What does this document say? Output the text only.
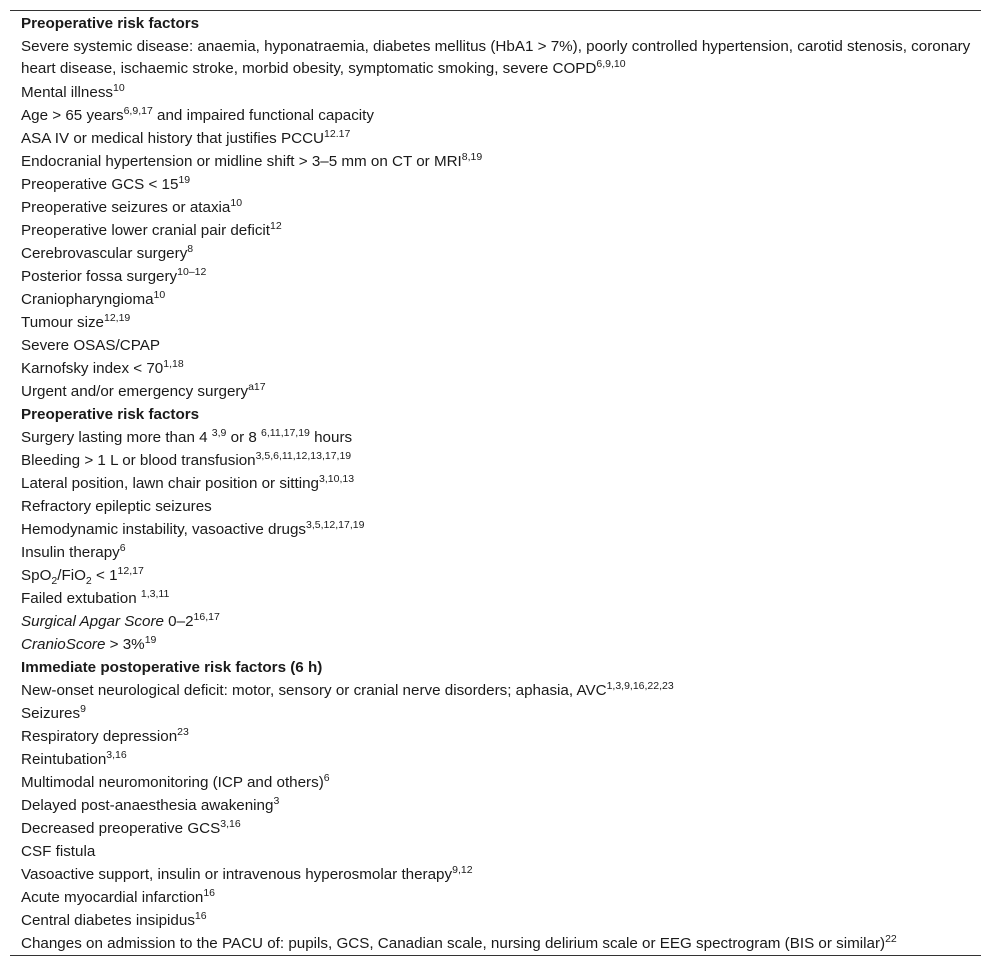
Preoperative risk factors
Severe systemic disease: anaemia, hyponatraemia, diabetes mellitus (HbA1 > 7%), poorly controlled hypertension, carotid stenosis, coronary heart disease, ischaemic stroke, morbid obesity, symptomatic smoking, severe COPD$^{6,9,10}$
Mental illness$^{10}$
Age > 65 years$^{6,9,17}$ and impaired functional capacity
ASA IV or medical history that justifies $PCCU^{12.17}$
Endocranial hypertension or midline shift > 3–5 mm on CT or MRI$^{8,19}$
Preoperative GCS < $15^{19}$
Preoperative seizures or ataxia$^{10}$
Preoperative lower cranial pair deficit$^{12}$
Cerebrovascular surgery$^8$
Posterior fossa surgery$^{10-12}$
Craniopharyngioma$^{10}$
Tumour size$^{12,19}$
Severe OSAS/CPAP
Karnofsky index < $70^{1,18}$
Urgent and/or emergency surgery$^{a17}$
Preoperative risk factors
Surgery lasting more than 4 $^{3,9}$ or 8 $^{6,11,17,19}$ hours
Bleeding > 1 L or blood transfusion$^{3,5,6,11,12,13,17,19}$
Lateral position, lawn chair position or sitting$^{3,10,13}$
Refractory epileptic seizures
Hemodynamic instability, vasoactive drugs$^{3,5,12,17,19}$
Insulin therapy$^6$
$SpO_2/FiO_2 < 1^{12,17}$
Failed extubation $^{1,3,11}$
Surgical Apgar Score 0–2$^{16,17}$
CranioScore > 3%$^{19}$
Immediate postoperative risk factors (6 h)
New-onset neurological deficit: motor, sensory or cranial nerve disorders; aphasia, AVC$^{1,3,9,16,22,23}$
Seizures$^9$
Respiratory depression$^{23}$
Reintubation$^{3,16}$
Multimodal neuromonitoring (ICP and others)$^6$
Delayed post-anaesthesia awakening$^3$
Decreased preoperative GCS$^{3,16}$
CSF fistula
Vasoactive support, insulin or intravenous hyperosmolar therapy$^{9,12}$
Acute myocardial infarction$^{16}$
Central diabetes insipidus$^{16}$
Changes on admission to the PACU of: pupils, GCS, Canadian scale, nursing delirium scale or EEG spectrogram (BIS or similar)$^{22}$
